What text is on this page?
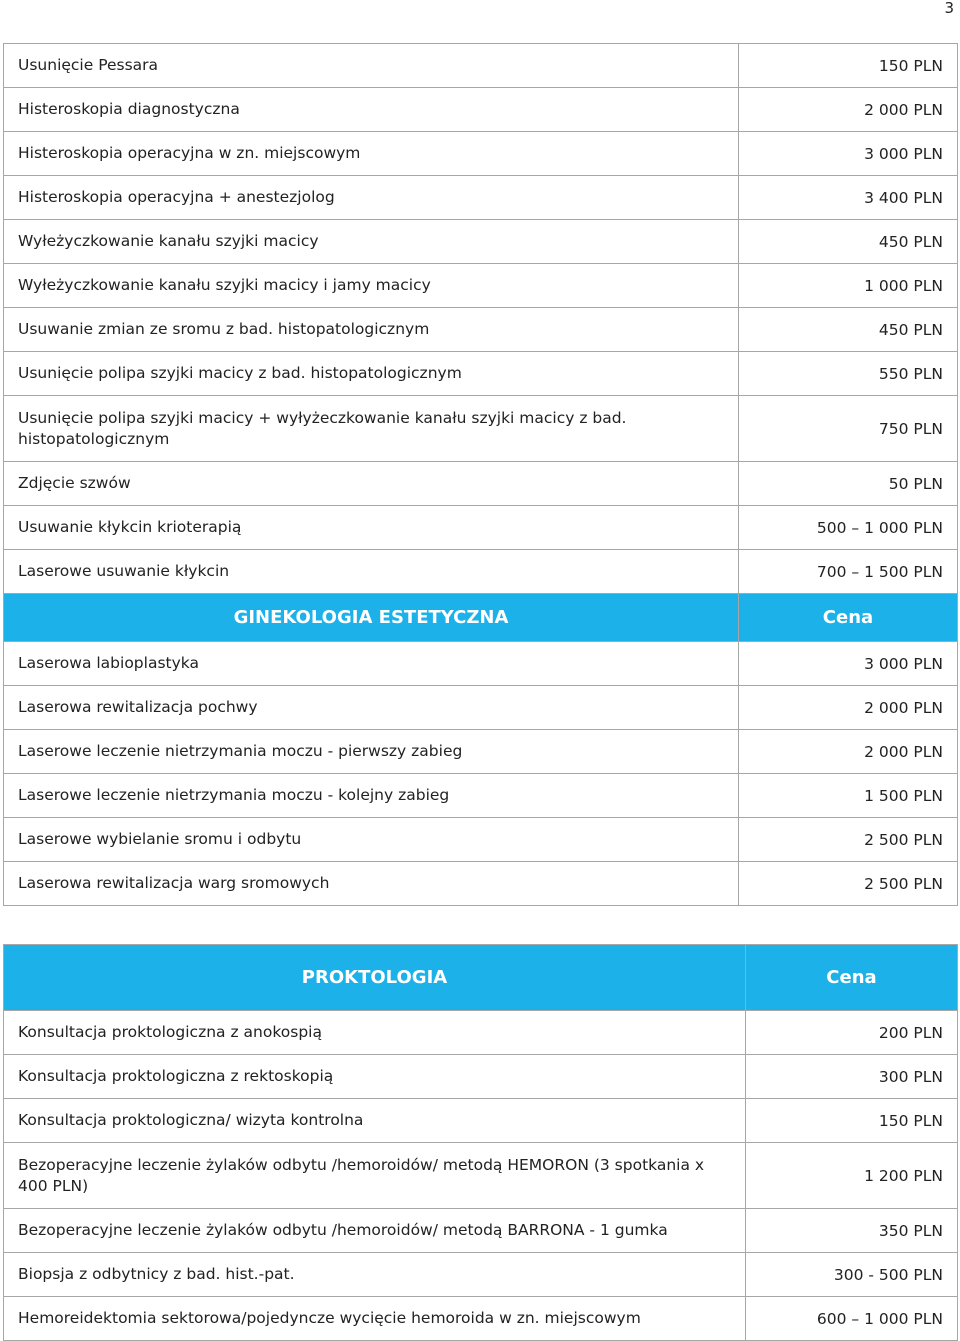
3
Usunięcie Pessara	150 PLN
Histeroskopia diagnostyczna	2 000 PLN
Histeroskopia operacyjna w zn. miejscowym	3 000 PLN
Histeroskopia operacyjna + anestezjolog	3 400 PLN
Wyłeżyczkowanie kanału szyjki macicy	450 PLN
Wyłeżyczkowanie kanału szyjki macicy i jamy macicy	1 000 PLN
Usuwanie zmian ze sromu z bad. histopatologicznym	450 PLN
Usunięcie polipa szyjki macicy z bad. histopatologicznym	550 PLN
Usunięcie polipa szyjki macicy + wyłyżeczkowanie kanału szyjki macicy z bad. histopatologicznym	750 PLN
Zdjęcie szwów	50 PLN
Usuwanie kłykcin krioterapią	500 – 1 000 PLN
Laserowe usuwanie kłykcin	700 – 1 500 PLN
GINEKOLOGIA ESTETYCZNA	Cena
Laserowa labioplastyka	3 000 PLN
Laserowa rewitalizacja pochwy	2 000 PLN
Laserowe leczenie nietrzymania moczu - pierwszy zabieg	2 000 PLN
Laserowe leczenie nietrzymania moczu - kolejny zabieg	1 500 PLN
Laserowe wybielanie sromu i odbytu	2 500 PLN
Laserowa rewitalizacja warg sromowych	2 500 PLN
PROKTOLOGIA	Cena
Konsultacja proktologiczna z anokospią	200 PLN
Konsultacja proktologiczna z rektoskopią	300 PLN
Konsultacja proktologiczna/ wizyta kontrolna	150 PLN
Bezoperacyjne leczenie żylaków odbytu /hemoroidów/ metodą HEMORON (3 spotkania x 400 PLN)	1 200 PLN
Bezoperacyjne leczenie żylaków odbytu /hemoroidów/ metodą BARRONA - 1 gumka	350 PLN
Biopsja z odbytnicy z bad. hist.-pat.	300 - 500 PLN
Hemoreidektomia sektorowa/pojedyncze wycięcie hemoroida w zn. miejscowym	600 – 1 000 PLN
